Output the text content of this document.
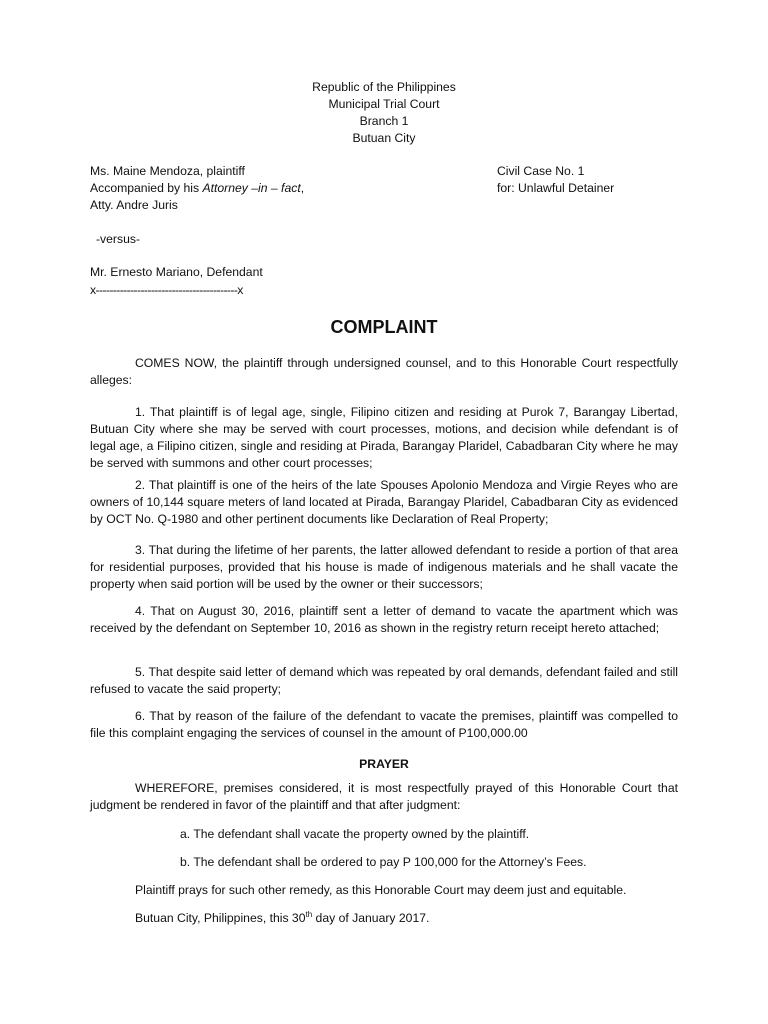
Republic of the Philippines
Municipal Trial Court
Branch 1
Butuan City
Ms. Maine Mendoza, plaintiff
Accompanied by his Attorney –in – fact,
Atty. Andre Juris
Civil Case No. 1
for: Unlawful Detainer
-versus-
Mr. Ernesto Mariano, Defendant
x-----------------------------------------x
COMPLAINT

COMES NOW, the plaintiff through undersigned counsel, and to this Honorable Court respectfully alleges:

1. That plaintiff is of legal age, single, Filipino citizen and residing at Purok 7, Barangay Libertad, Butuan City where she may be served with court processes, motions, and decision while defendant is of legal age, a Filipino citizen, single and residing at Pirada, Barangay Plaridel, Cabadbaran City where he may be served with summons and other court processes;

2. That plaintiff is one of the heirs of the late Spouses Apolonio Mendoza and Virgie Reyes who are owners of 10,144 square meters of land located at Pirada, Barangay Plaridel, Cabadbaran City as evidenced by OCT No. Q-1980 and other pertinent documents like Declaration of Real Property;

3. That during the lifetime of her parents, the latter allowed defendant to reside a portion of that area for residential purposes, provided that his house is made of indigenous materials and he shall vacate the property when said portion will be used by the owner or their successors;

4. That on August 30, 2016, plaintiff sent a letter of demand to vacate the apartment which was received by the defendant on September 10, 2016 as shown in the registry return receipt hereto attached;

5. That despite said letter of demand which was repeated by oral demands, defendant failed and still refused to vacate the said property;

6. That by reason of the failure of the defendant to vacate the premises, plaintiff was compelled to file this complaint engaging the services of counsel in the amount of P100,000.00

PRAYER

WHEREFORE, premises considered, it is most respectfully prayed of this Honorable Court that judgment be rendered in favor of the plaintiff and that after judgment:

a. The defendant shall vacate the property owned by the plaintiff.
b. The defendant shall be ordered to pay P 100,000 for the Attorney’s Fees.
Plaintiff prays for such other remedy, as this Honorable Court may deem just and equitable.
Butuan City, Philippines, this 30th day of January 2017.
